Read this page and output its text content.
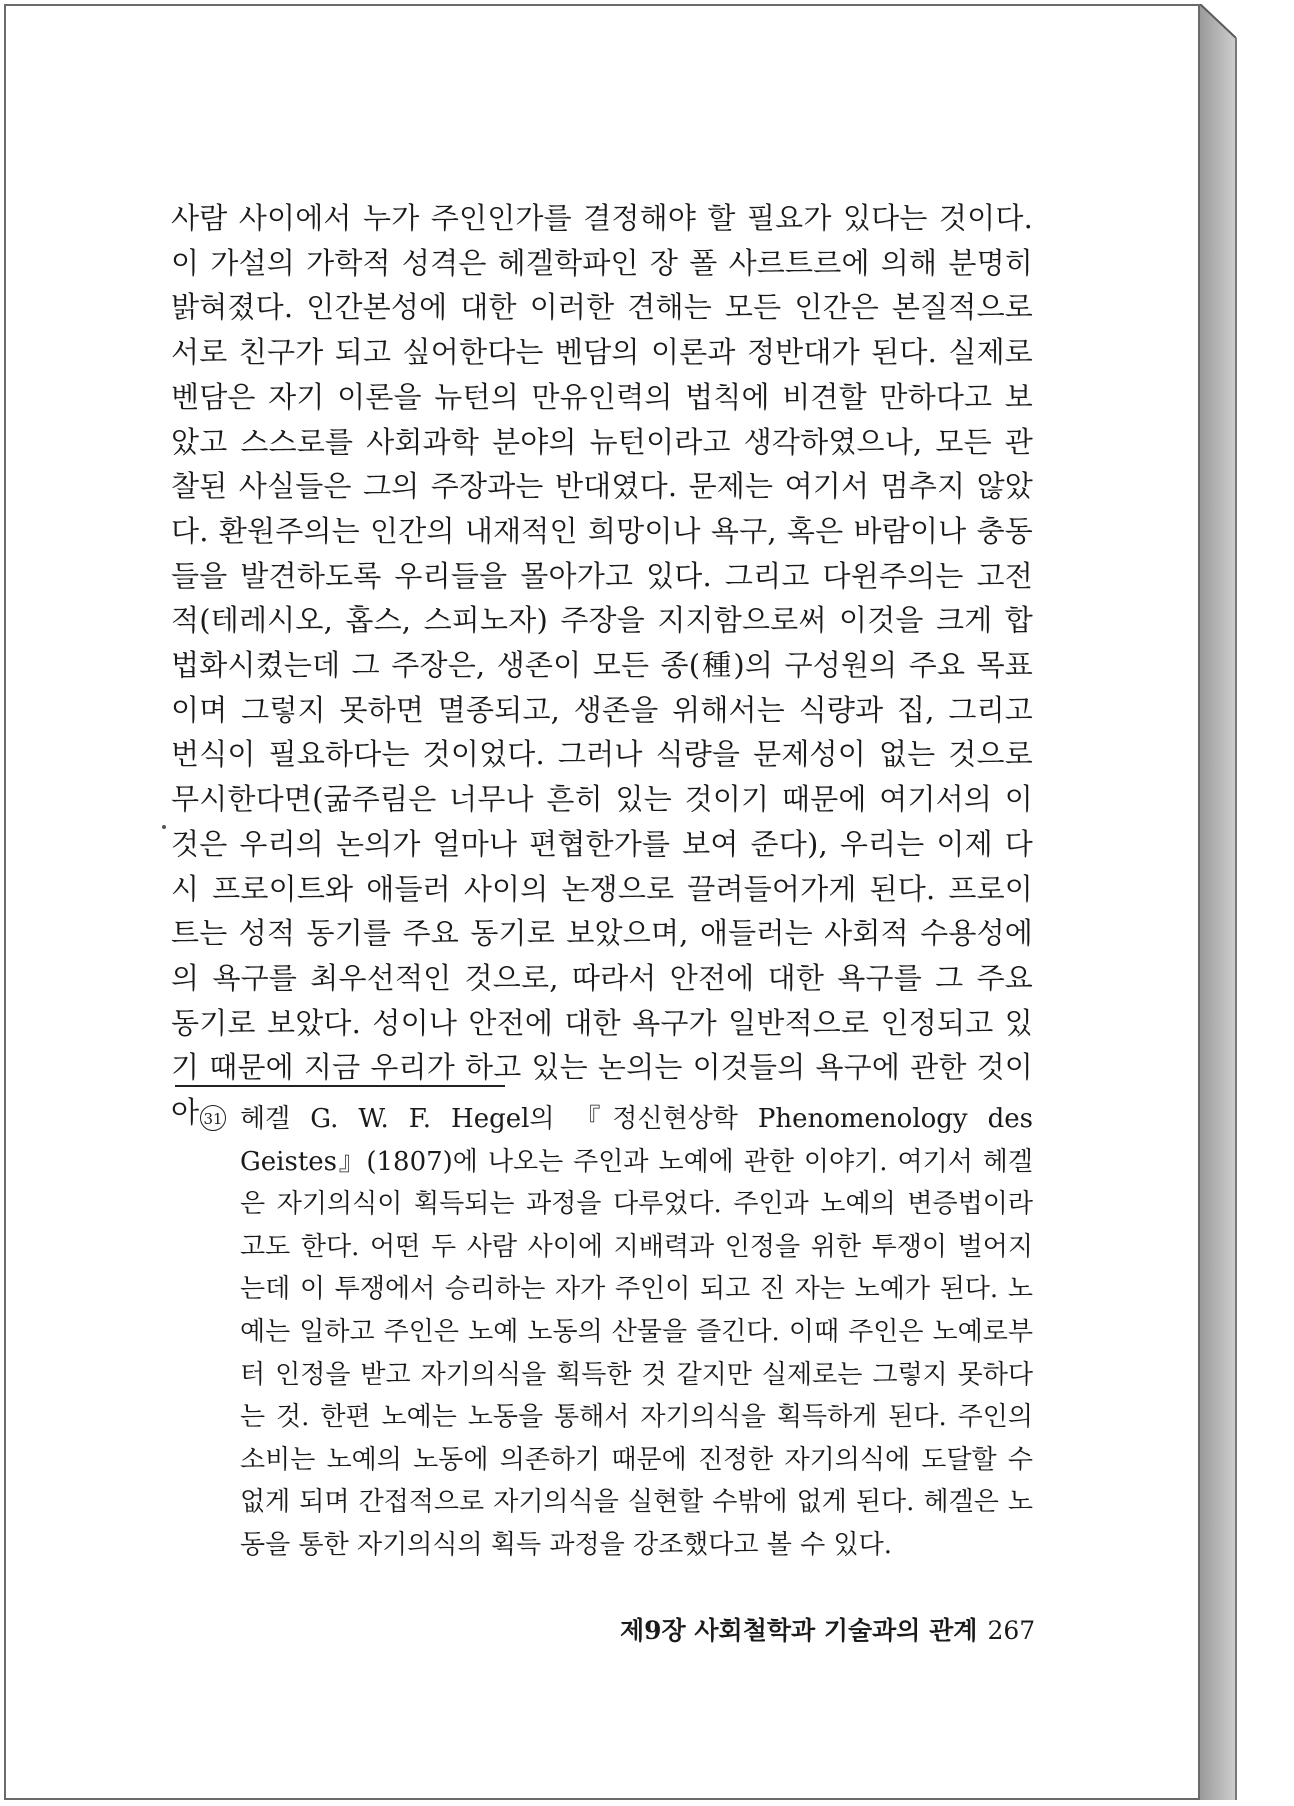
사람 사이에서 누가 주인인가를 결정해야 할 필요가 있다는 것이다. 이 가설의 가학적 성격은 헤겔학파인 장 폴 사르트르에 의해 분명히 밝혀졌다. 인간본성에 대한 이러한 견해는 모든 인간은 본질적으로 서로 친구가 되고 싶어한다는 벤담의 이론과 정반대가 된다. 실제로 벤담은 자기 이론을 뉴턴의 만유인력의 법칙에 비견할 만하다고 보았고 스스로를 사회과학 분야의 뉴턴이라고 생각하였으나, 모든 관찰된 사실들은 그의 주장과는 반대였다. 문제는 여기서 멈추지 않았다. 환원주의는 인간의 내재적인 희망이나 욕구, 혹은 바람이나 충동들을 발견하도록 우리들을 몰아가고 있다. 그리고 다윈주의는 고전적(테레시오, 홉스, 스피노자) 주장을 지지함으로써 이것을 크게 합법화시켰는데 그 주장은, 생존이 모든 종(種)의 구성원의 주요 목표이며 그렇지 못하면 멸종되고, 생존을 위해서는 식량과 집, 그리고 번식이 필요하다는 것이었다. 그러나 식량을 문제성이 없는 것으로 무시한다면(굶주림은 너무나 흔히 있는 것이기 때문에 여기서의 이것은 우리의 논의가 얼마나 편협한가를 보여 준다), 우리는 이제 다시 프로이트와 애들러 사이의 논쟁으로 끌려들어가게 된다. 프로이트는 성적 동기를 주요 동기로 보았으며, 애들러는 사회적 수용성에의 욕구를 최우선적인 것으로, 따라서 안전에 대한 욕구를 그 주요 동기로 보았다. 성이나 안전에 대한 욕구가 일반적으로 인정되고 있기 때문에 지금 우리가 하고 있는 논의는 이것들의 욕구에 관한 것이 아 31 헤겔 G. W. F. Hegel의 『정신현상학 Phenomenology des Geistes』(1807)에 나오는 주인과 노예에 관한 이야기. 여기서 헤겔은 자기의식이 획득되는 과정을 다루었다. 주인과 노예의 변증법이라고도 한다. 어떤 두 사람 사이에 지배력과 인정을 위한 투쟁이 벌어지는데 이 투쟁에서 승리하는 자가 주인이 되고 진 자는 노예가 된다. 노예는 일하고 주인은 노예 노동의 산물을 즐긴다. 이때 주인은 노예로부터 인정을 받고 자기의식을 획득한 것 같지만 실제로는 그렇지 못하다는 것. 한편 노예는 노동을 통해서 자기의식을 획득하게 된다. 주인의 소비는 노예의 노동에 의존하기 때문에 진정한 자기의식에 도달할 수 없게 되며 간접적으로 자기의식을 실현할 수밖에 없게 된다. 헤겔은 노동을 통한 자기의식의 획득 과정을 강조했다고 볼 수 있다.

제9장 사회철학과 기술과의 관계 267
